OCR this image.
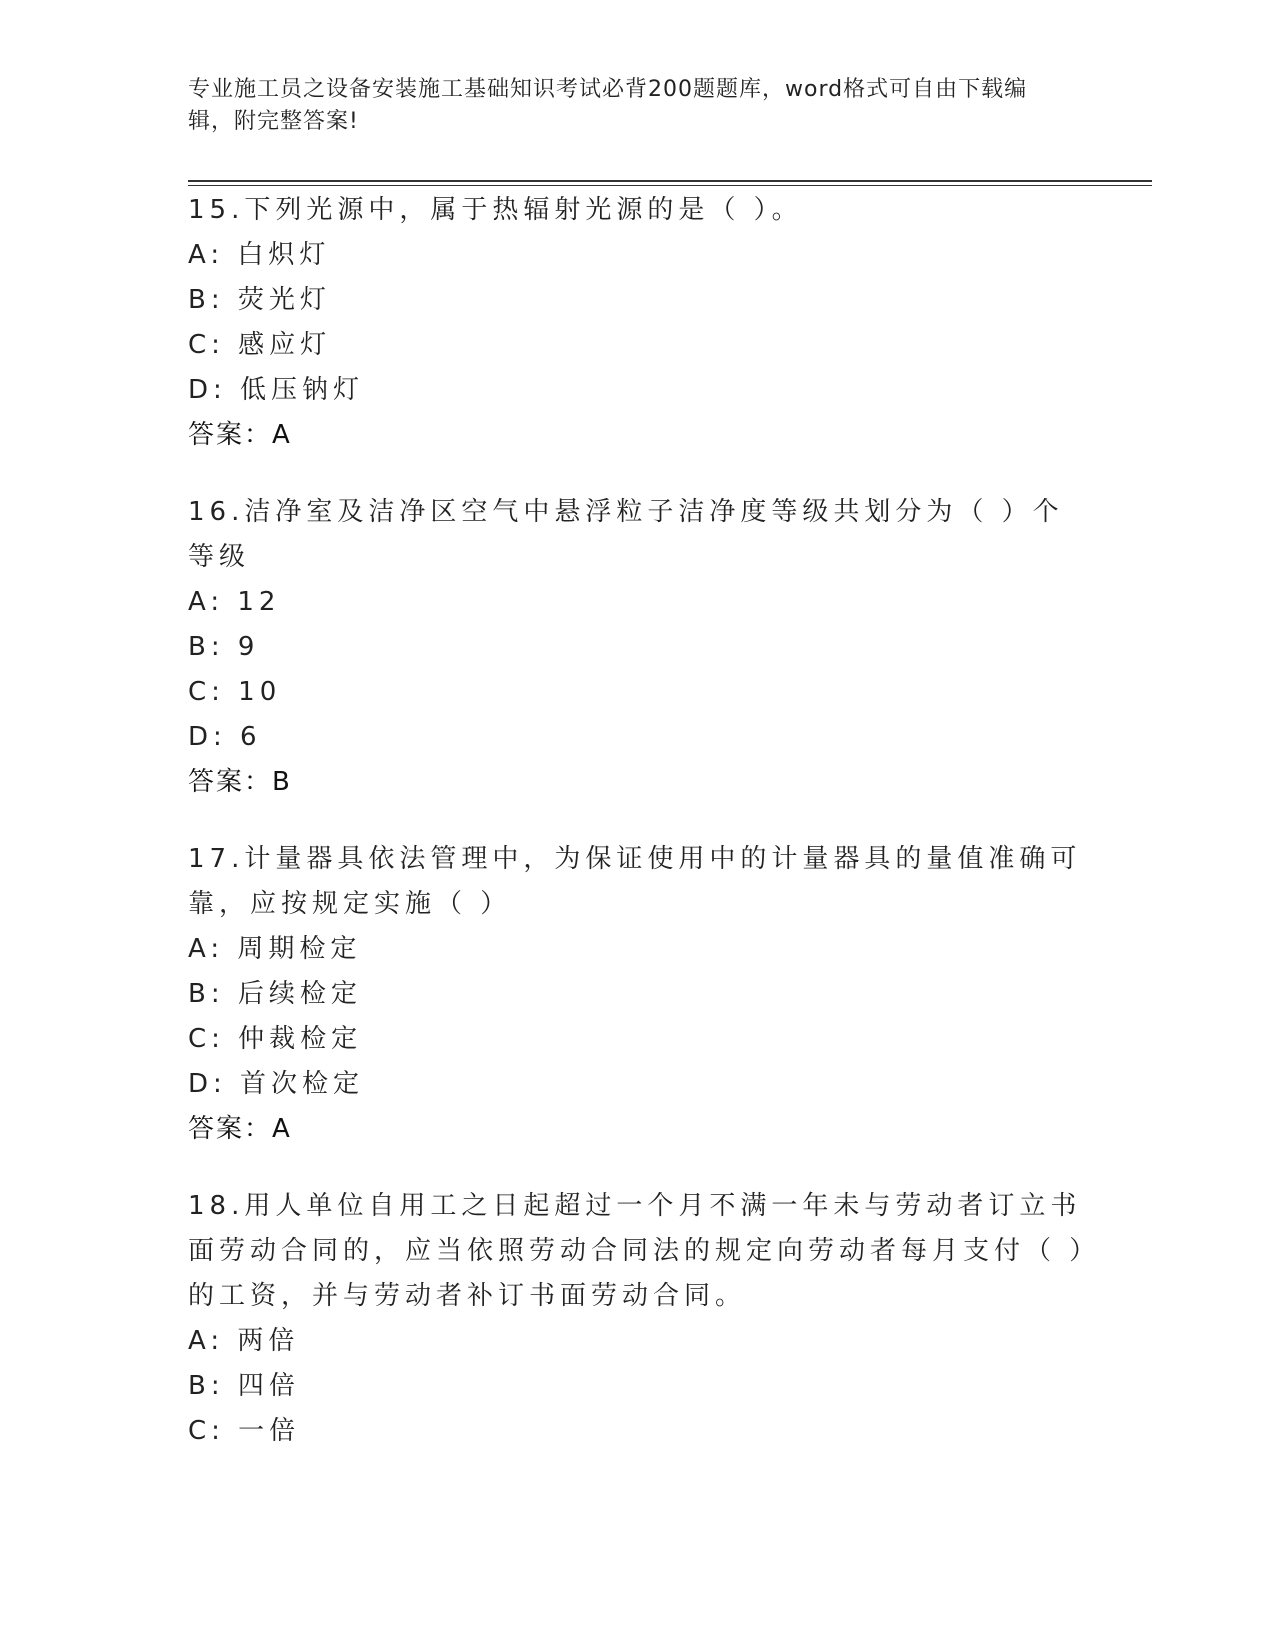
专业施工员之设备安装施工基础知识考试必背200题题库，word格式可自由下载编辑，附完整答案!
15.下列光源中，属于热辐射光源的是（ ）。
A: 白炽灯
B: 荧光灯
C: 感应灯
D: 低压钠灯
答案：A
16.洁净室及洁净区空气中悬浮粒子洁净度等级共划分为（ ）个等级
A: 12
B: 9
C: 10
D: 6
答案：B
17.计量器具依法管理中，为保证使用中的计量器具的量值准确可靠，应按规定实施（ ）
A: 周期检定
B: 后续检定
C: 仲裁检定
D: 首次检定
答案：A
18.用人单位自用工之日起超过一个月不满一年未与劳动者订立书面劳动合同的，应当依照劳动合同法的规定向劳动者每月支付（ ）的工资，并与劳动者补订书面劳动合同。
A: 两倍
B: 四倍
C: 一倍
